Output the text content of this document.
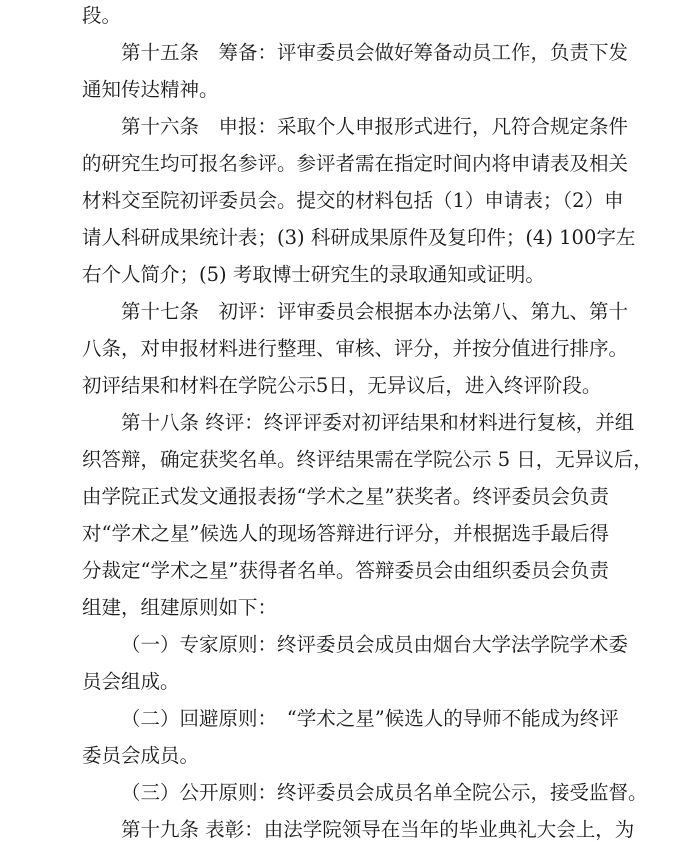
段。
第十五条　筹备：评审委员会做好筹备动员工作，负责下发
通知传达精神。
第十六条　申报：采取个人申报形式进行，凡符合规定条件
的研究生均可报名参评。参评者需在指定时间内将申请表及相关
材料交至院初评委员会。提交的材料包括（1）申请表；（2）申
请人科研成果统计表；(3) 科研成果原件及复印件；(4) 100字左
右个人简介；(5) 考取博士研究生的录取通知或证明。
第十七条　初评：评审委员会根据本办法第八、第九、第十
八条，对申报材料进行整理、审核、评分，并按分值进行排序。
初评结果和材料在学院公示5日，无异议后，进入终评阶段。
第十八条 终评：终评评委对初评结果和材料进行复核，并组
织答辩，确定获奖名单。终评结果需在学院公示 5 日，无异议后，
由学院正式发文通报表扬“学术之星”获奖者。终评委员会负责
对“学术之星”候选人的现场答辩进行评分，并根据选手最后得
分裁定“学术之星”获得者名单。答辩委员会由组织委员会负责
组建，组建原则如下：
（一）专家原则：终评委员会成员由烟台大学法学院学术委
员会组成。
（二）回避原则：　“学术之星”候选人的导师不能成为终评
委员会成员。
（三）公开原则：终评委员会成员名单全院公示，接受监督。
第十九条 表彰：由法学院领导在当年的毕业典礼大会上，为
